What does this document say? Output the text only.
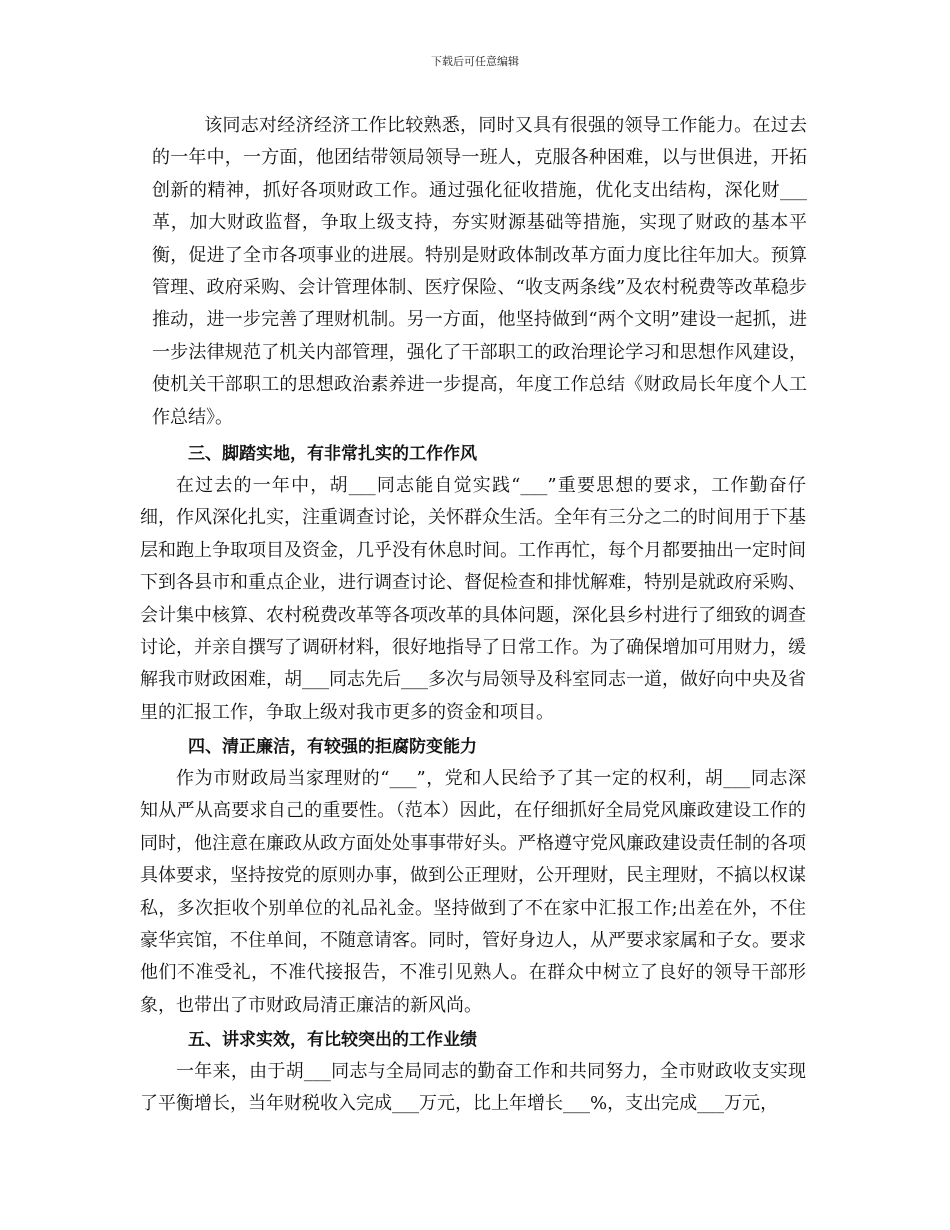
下载后可任意编辑

该同志对经济经济工作比较熟悉，同时又具有很强的领导工作能力。在过去的一年中，一方面，他团结带领局领导一班人，克服各种困难，以与世俱进，开拓创新的精神，抓好各项财政工作。通过强化征收措施，优化支出结构，深化财___革，加大财政监督，争取上级支持，夯实财源基础等措施，实现了财政的基本平衡，促进了全市各项事业的进展。特别是财政体制改革方面力度比往年加大。预算管理、政府采购、会计管理体制、医疗保险、“收支两条线”及农村税费等改革稳步推动，进一步完善了理财机制。另一方面，他坚持做到“两个文明”建设一起抓，进一步法律规范了机关内部管理，强化了干部职工的政治理论学习和思想作风建设，使机关干部职工的思想政治素养进一步提高，年度工作总结《财政局长年度个人工作总结》。

三、脚踏实地，有非常扎实的工作作风

在过去的一年中，胡___同志能自觉实践“___”重要思想的要求，工作勤奋仔细，作风深化扎实，注重调查讨论，关怀群众生活。全年有三分之二的时间用于下基层和跑上争取项目及资金，几乎没有休息时间。工作再忙，每个月都要抽出一定时间下到各县市和重点企业，进行调查讨论、督促检查和排忧解难，特别是就政府采购、会计集中核算、农村税费改革等各项改革的具体问题，深化县乡村进行了细致的调查讨论，并亲自撰写了调研材料，很好地指导了日常工作。为了确保增加可用财力，缓解我市财政困难，胡___同志先后___多次与局领导及科室同志一道，做好向中央及省里的汇报工作，争取上级对我市更多的资金和项目。

四、清正廉洁，有较强的拒腐防变能力

作为市财政局当家理财的“___”，党和人民给予了其一定的权利，胡___同志深知从严从高要求自己的重要性。（范本）因此，在仔细抓好全局党风廉政建设工作的同时，他注意在廉政从政方面处处事事带好头。严格遵守党风廉政建设责任制的各项具体要求，坚持按党的原则办事，做到公正理财，公开理财，民主理财，不搞以权谋私，多次拒收个别单位的礼品礼金。坚持做到了不在家中汇报工作;出差在外，不住豪华宾馆，不住单间，不随意请客。同时，管好身边人，从严要求家属和子女。要求他们不准受礼，不准代接报告，不准引见熟人。在群众中树立了良好的领导干部形象，也带出了市财政局清正廉洁的新风尚。

五、讲求实效，有比较突出的工作业绩

一年来，由于胡___同志与全局同志的勤奋工作和共同努力，全市财政收支实现了平衡增长，当年财税收入完成___万元，比上年增长___%，支出完成___万元，
